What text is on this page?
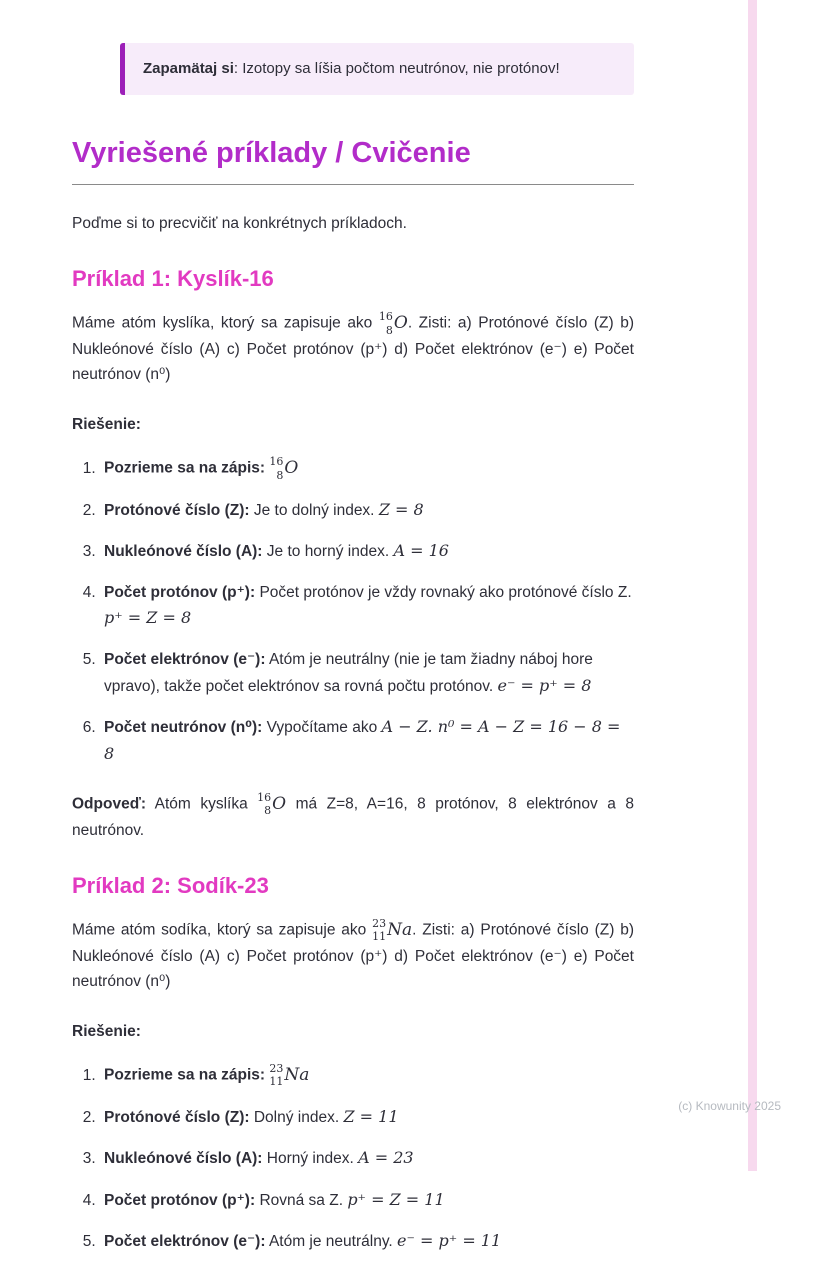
Zapamätaj si: Izotopy sa líšia počtom neutrónov, nie protónov!
Vyriešené príklady / Cvičenie

Poďme si to precvičiť na konkrétnych príkladoch.

Príklad 1: Kyslík-16

Máme atóm kyslíka, ktorý sa zapisuje ako 16
8 O . Zisti: a) Protónové číslo (Z) b) Nukleónové číslo (A) c) Počet protónov (p⁺) d) Počet elektrónov (e⁻) e) Počet neutrónov (n⁰)

Riešenie:

1. Pozrieme sa na zápis: 16
8 O
2. Protónové číslo (Z): Je to dolný index. Z = 8
3. Nukleónové číslo (A): Je to horný index. A = 16
4. Počet protónov (p⁺): Počet protónov je vždy rovnaký ako protónové číslo Z. p⁺ = Z = 8
5. Počet elektrónov (e⁻): Atóm je neutrálny (nie je tam žiadny náboj hore vpravo), takže počet elektrónov sa rovná počtu protónov. e⁻ = p⁺ = 8
6. Počet neutrónov (n⁰): Vypočítame ako A − Z. n⁰ = A − Z = 16 − 8 = 8

Odpoveď: Atóm kyslíka 16
8 O má Z=8, A=16, 8 protónov, 8 elektrónov a 8 neutrónov.

Príklad 2: Sodík-23

Máme atóm sodíka, ktorý sa zapisuje ako 23
11 Na . Zisti: a) Protónové číslo (Z) b) Nukleónové číslo (A) c) Počet protónov (p⁺) d) Počet elektrónov (e⁻) e) Počet neutrónov (n⁰)

Riešenie:

1. Pozrieme sa na zápis: 23
11 Na
2. Protónové číslo (Z): Dolný index. Z = 11
3. Nukleónové číslo (A): Horný index. A = 23
4. Počet protónov (p⁺): Rovná sa Z. p⁺ = Z = 11
5. Počet elektrónov (e⁻): Atóm je neutrálny. e⁻ = p⁺ = 11
(c) Knowunity 2025
